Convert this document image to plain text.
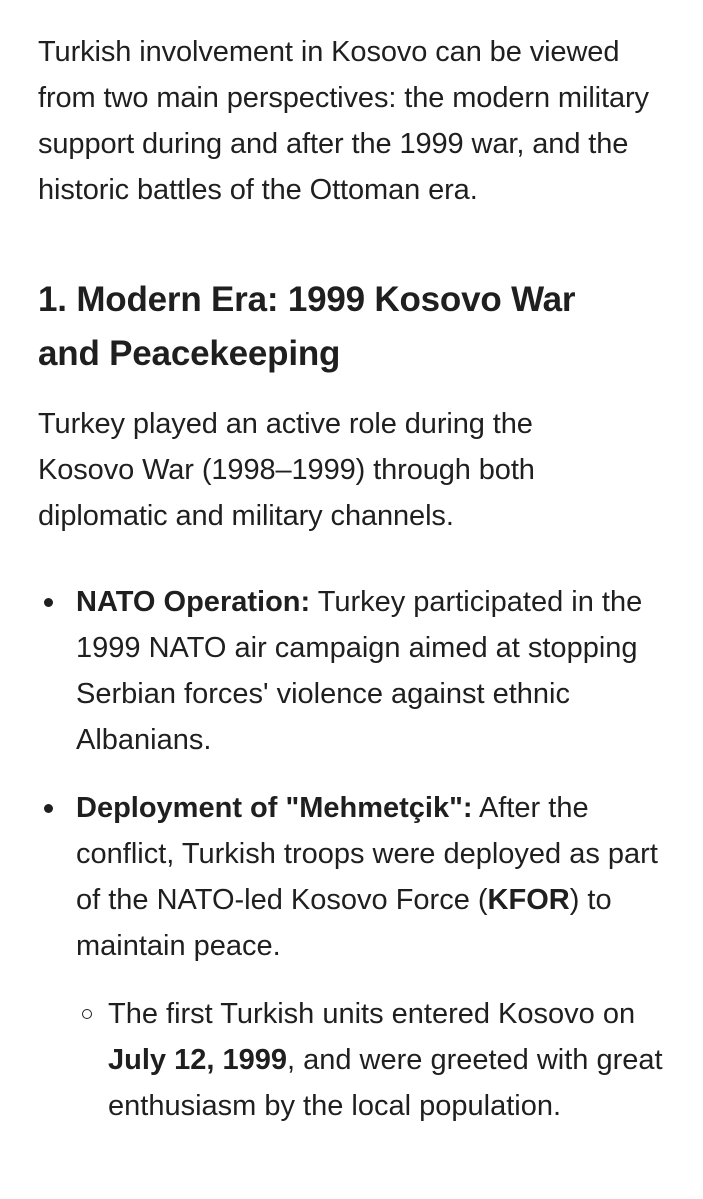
Turkish involvement in Kosovo can be viewed from two main perspectives: the modern military support during and after the 1999 war, and the historic battles of the Ottoman era.

1. Modern Era: 1999 Kosovo War and Peacekeeping

Turkey played an active role during the Kosovo War (1998–1999) through both diplomatic and military channels.

NATO Operation: Turkey participated in the 1999 NATO air campaign aimed at stopping Serbian forces' violence against ethnic Albanians.
Deployment of "Mehmetçik": After the conflict, Turkish troops were deployed as part of the NATO-led Kosovo Force (KFOR) to maintain peace.
The first Turkish units entered Kosovo on July 12, 1999, and were greeted with great enthusiasm by the local population.
